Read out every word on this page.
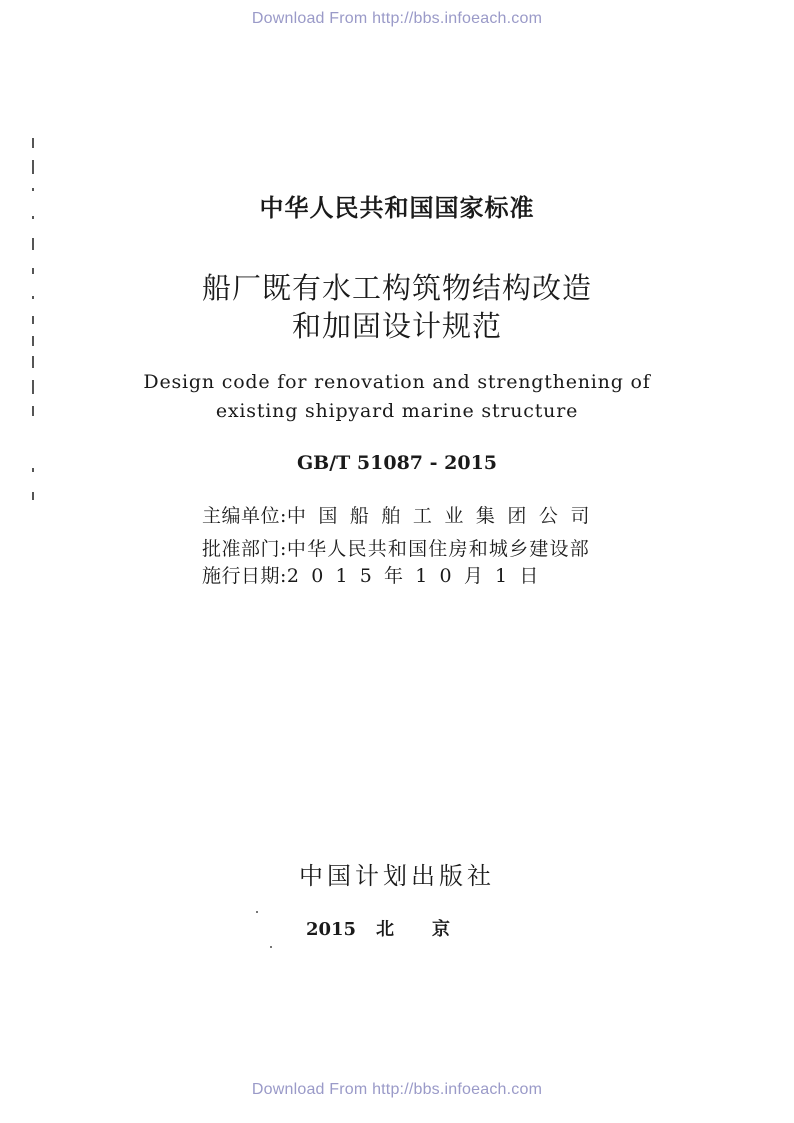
Download From http://bbs.infoeach.com
中华人民共和国国家标准
船厂既有水工构筑物结构改造
和加固设计规范
Design code for renovation and strengthening of
existing shipyard marine structure
GB/T 51087 - 2015
主编单位:中国船舶工业集团公司
批准部门:中华人民共和国住房和城乡建设部
施行日期:2015年10月1日
中国计划出版社
2015 北京
Download From http://bbs.infoeach.com
